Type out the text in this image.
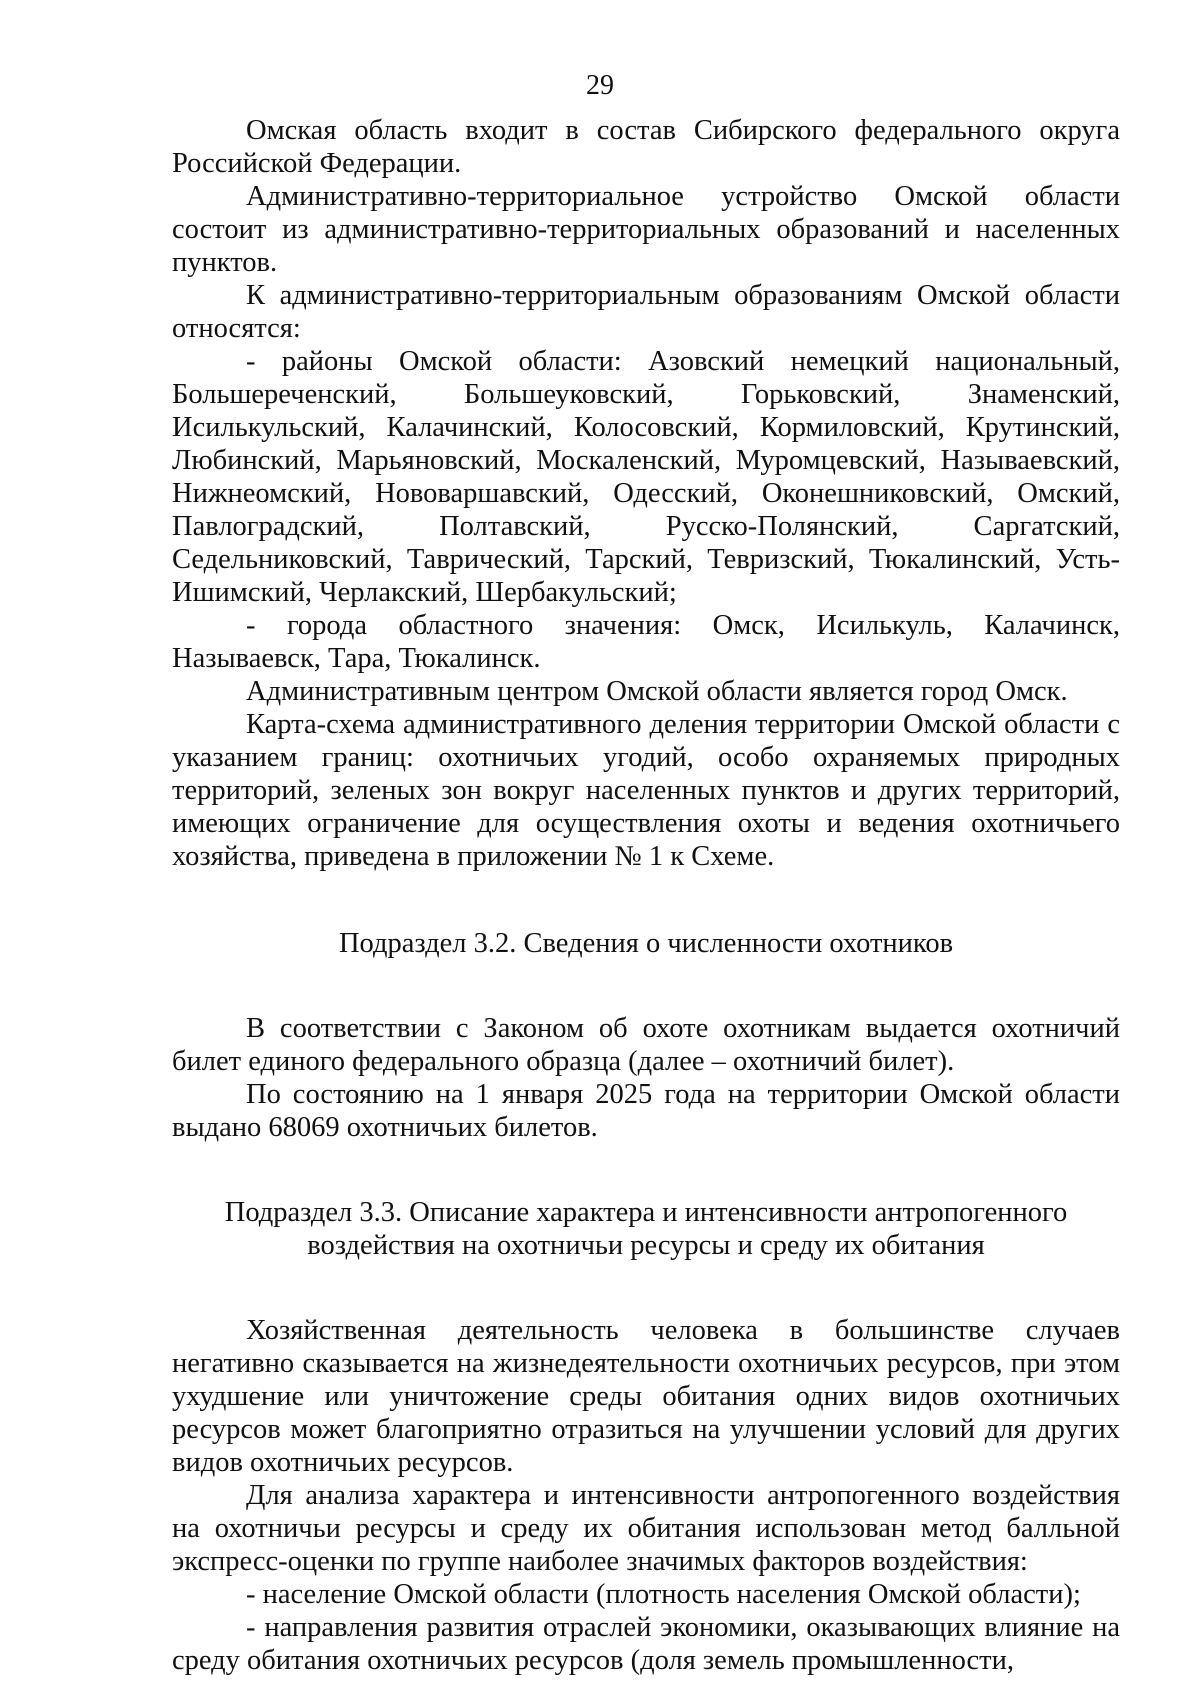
29

Омская область входит в состав Сибирского федерального округа Российской Федерации.

Административно-территориальное устройство Омской области состоит из административно-территориальных образований и населенных пунктов.

К административно-территориальным образованиям Омской области относятся:

- районы Омской области: Азовский немецкий национальный, Большереченский, Большеуковский, Горьковский, Знаменский, Исилькульский, Калачинский, Колосовский, Кормиловский, Крутинский, Любинский, Марьяновский, Москаленский, Муромцевский, Называевский, Нижнеомский, Нововаршавский, Одесский, Оконешниковский, Омский, Павлоградский, Полтавский, Русско-Полянский, Саргатский, Седельниковский, Таврический, Тарский, Тевризский, Тюкалинский, Усть-Ишимский, Черлакский, Шербакульский;

- города областного значения: Омск, Исилькуль, Калачинск, Называевск, Тара, Тюкалинск.

Административным центром Омской области является город Омск.

Карта-схема административного деления территории Омской области с указанием границ: охотничьих угодий, особо охраняемых природных территорий, зеленых зон вокруг населенных пунктов и других территорий, имеющих ограничение для осуществления охоты и ведения охотничьего хозяйства, приведена в приложении № 1 к Схеме.

Подраздел 3.2. Сведения о численности охотников

В соответствии с Законом об охоте охотникам выдается охотничий билет единого федерального образца (далее – охотничий билет).

По состоянию на 1 января 2025 года на территории Омской области выдано 68069 охотничьих билетов.

Подраздел 3.3. Описание характера и интенсивности антропогенного
воздействия на охотничьи ресурсы и среду их обитания

Хозяйственная деятельность человека в большинстве случаев негативно сказывается на жизнедеятельности охотничьих ресурсов, при этом ухудшение или уничтожение среды обитания одних видов охотничьих ресурсов может благоприятно отразиться на улучшении условий для других видов охотничьих ресурсов.

Для анализа характера и интенсивности антропогенного воздействия на охотничьи ресурсы и среду их обитания использован метод балльной экспресс-оценки по группе наиболее значимых факторов воздействия:

- население Омской области (плотность населения Омской области);

- направления развития отраслей экономики, оказывающих влияние на среду обитания охотничьих ресурсов (доля земель промышленности,
